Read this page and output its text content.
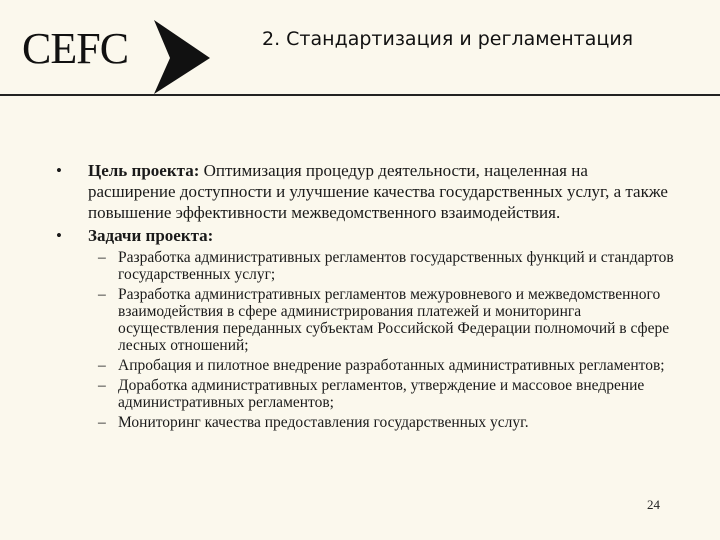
CEFC	2. Стандартизация и регламентация
•	Цель проекта: Оптимизация процедур деятельности, нацеленная на расширение доступности и улучшение качества государственных услуг, а также повышение эффективности межведомственного взаимодействия.
•	Задачи проекта:
– Разработка административных регламентов государственных функций и стандартов государственных услуг;
– Разработка административных регламентов межуровневого и межведомственного взаимодействия в сфере администрирования платежей и мониторинга осуществления переданных субъектам Российской Федерации полномочий в сфере лесных отношений;
– Апробация и пилотное внедрение разработанных административных регламентов;
– Доработка административных регламентов, утверждение и массовое внедрение административных регламентов;
– Мониторинг качества предоставления государственных услуг.
24
